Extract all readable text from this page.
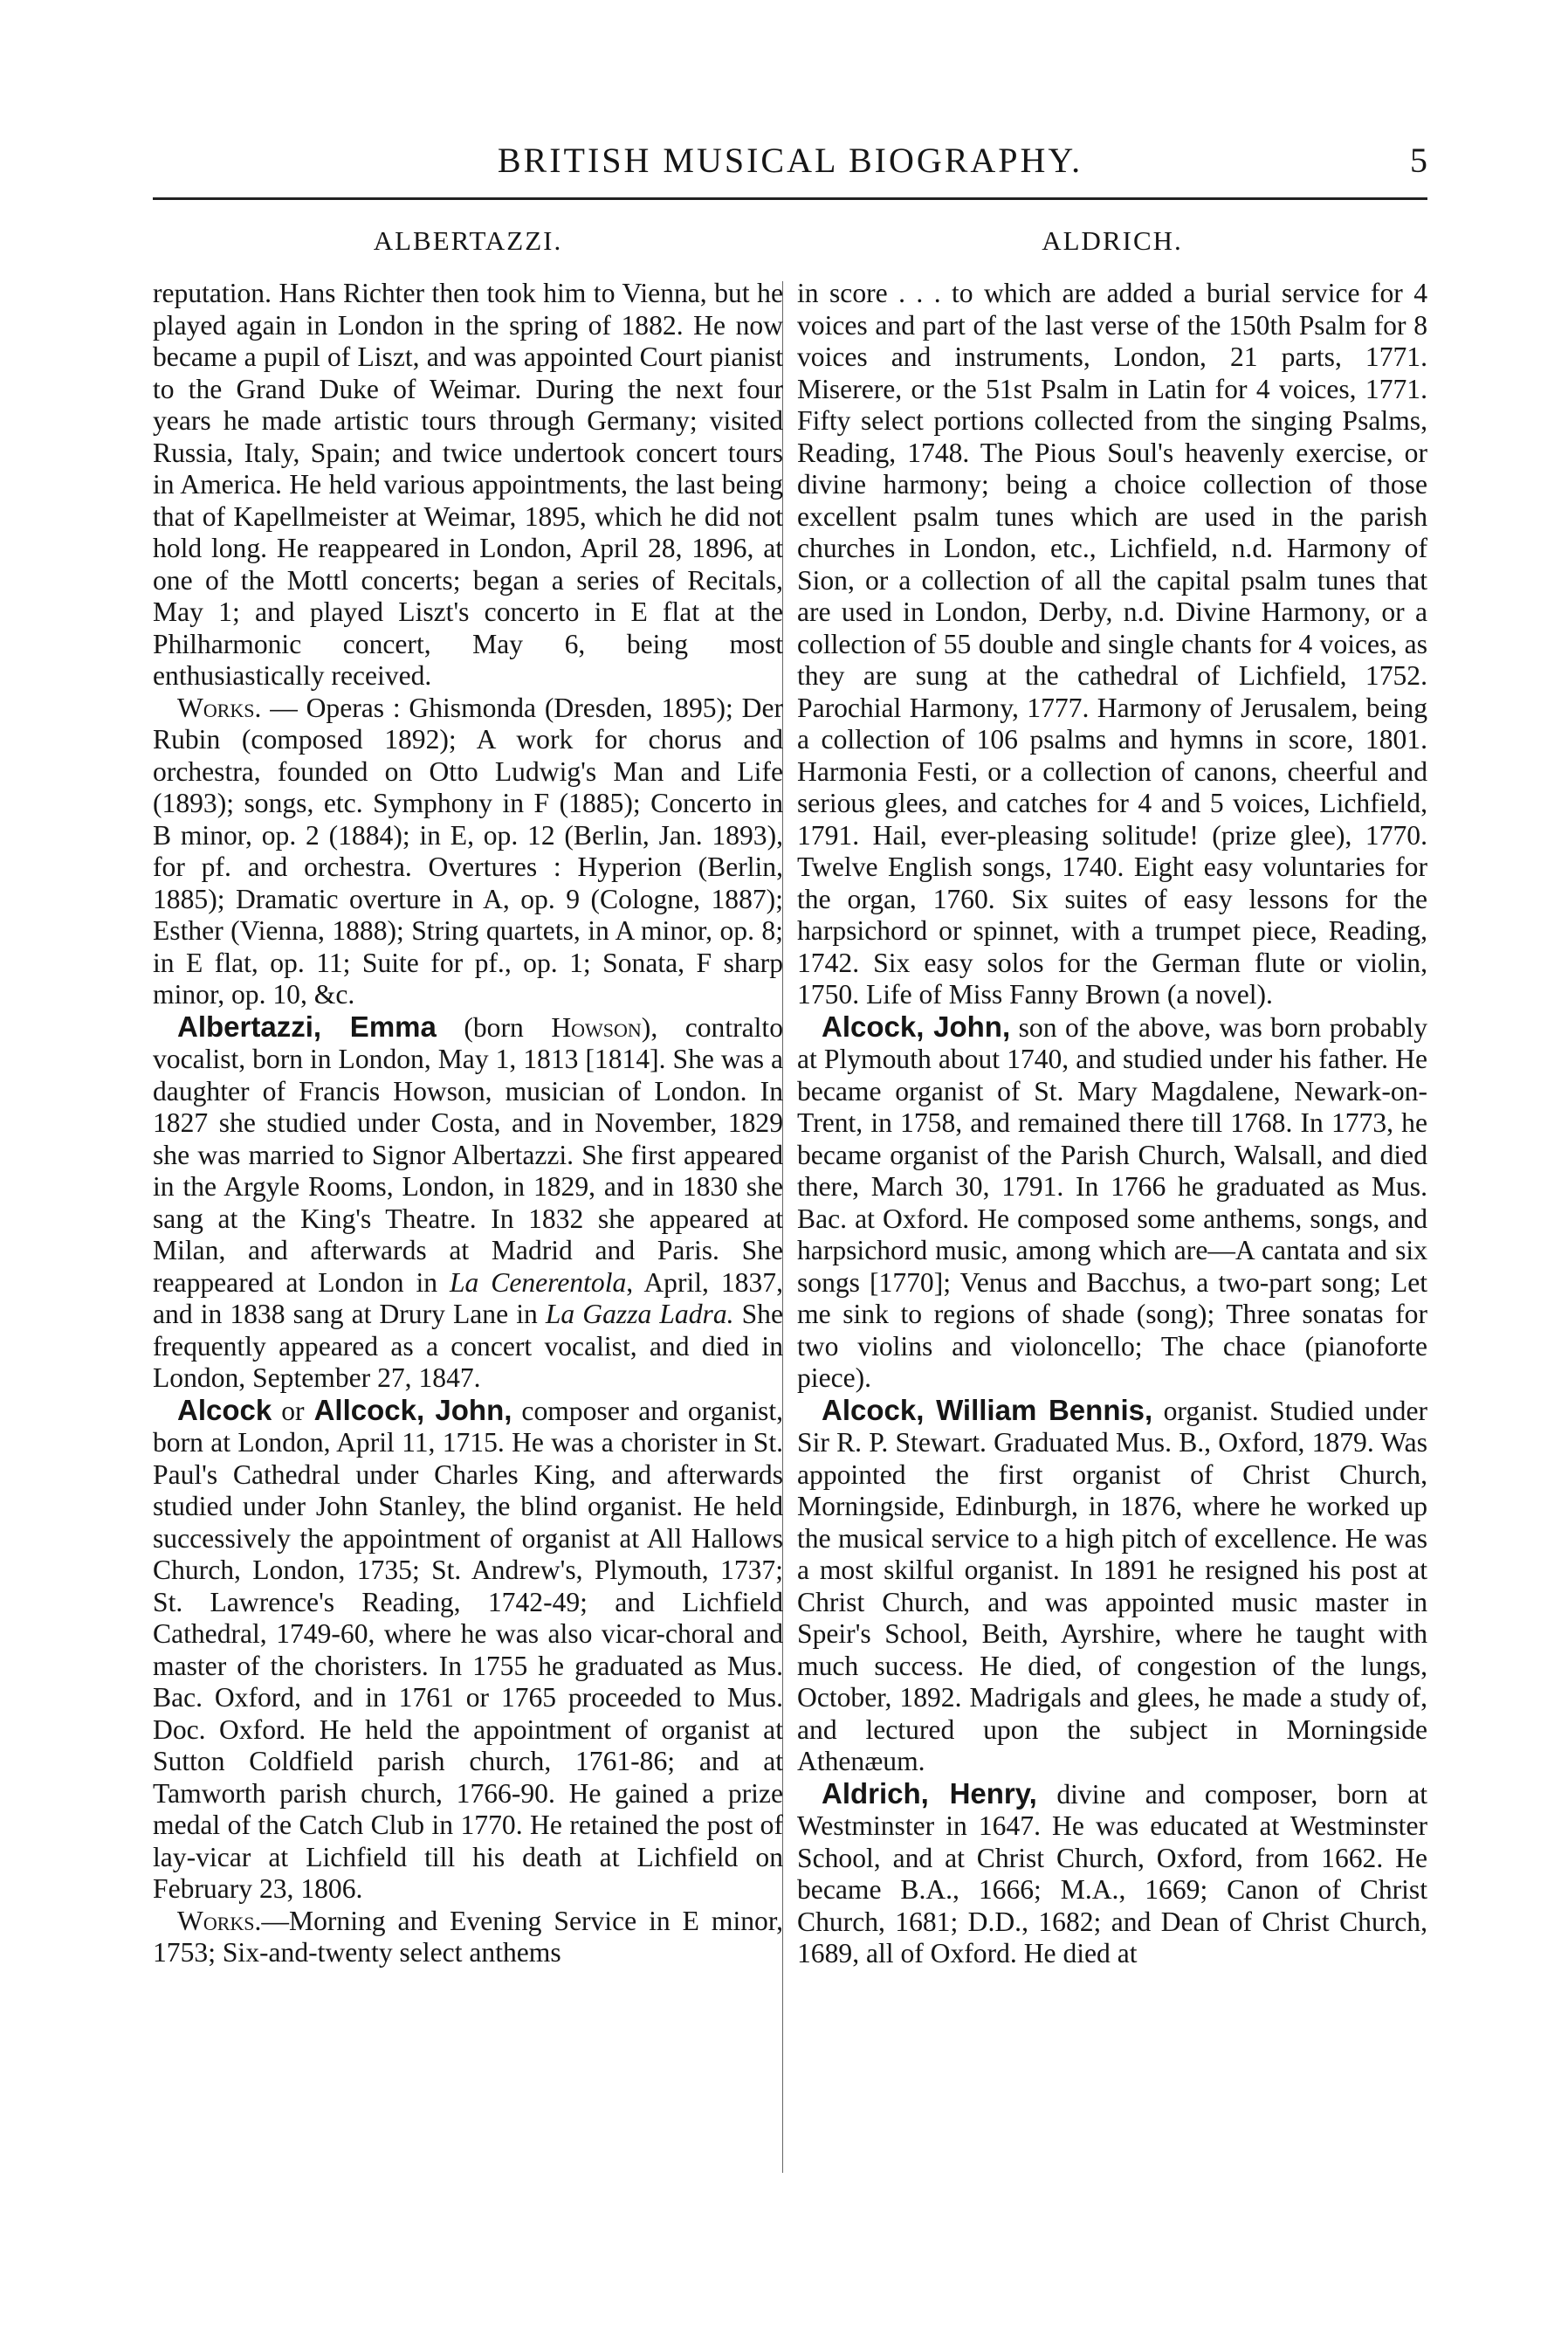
BRITISH MUSICAL BIOGRAPHY.	5
ALBERTAZZI.

reputation. Hans Richter then took him to Vienna, but he played again in London in the spring of 1882. He now became a pupil of Liszt, and was appointed Court pianist to the Grand Duke of Weimar. During the next four years he made artistic tours through Germany; visited Russia, Italy, Spain; and twice undertook concert tours in America. He held various appointments, the last being that of Kapellmeister at Weimar, 1895, which he did not hold long. He reappeared in London, April 28, 1896, at one of the Mottl concerts; began a series of Recitals, May 1; and played Liszt's concerto in E flat at the Philharmonic concert, May 6, being most enthusiastically received.

Works. — Operas : Ghismonda (Dresden, 1895); Der Rubin (composed 1892); A work for chorus and orchestra, founded on Otto Ludwig's Man and Life (1893); songs, etc. Symphony in F (1885); Concerto in B minor, op. 2 (1884); in E, op. 12 (Berlin, Jan. 1893), for pf. and orchestra. Overtures : Hyperion (Berlin, 1885); Dramatic overture in A, op. 9 (Cologne, 1887); Esther (Vienna, 1888); String quartets, in A minor, op. 8; in E flat, op. 11; Suite for pf., op. 1; Sonata, F sharp minor, op. 10, &c.

Albertazzi, Emma (born Howson), contralto vocalist, born in London, May 1, 1813 [1814]. She was a daughter of Francis Howson, musician of London. In 1827 she studied under Costa, and in November, 1829 she was married to Signor Albertazzi. She first appeared in the Argyle Rooms, London, in 1829, and in 1830 she sang at the King's Theatre. In 1832 she appeared at Milan, and afterwards at Madrid and Paris. She reappeared at London in La Cenerentola, April, 1837, and in 1838 sang at Drury Lane in La Gazza Ladra. She frequently appeared as a concert vocalist, and died in London, September 27, 1847.

Alcock or Allcock, John, composer and organist, born at London, April 11, 1715. He was a chorister in St. Paul's Cathedral under Charles King, and afterwards studied under John Stanley, the blind organist. He held successively the appointment of organist at All Hallows Church, London, 1735; St. Andrew's, Plymouth, 1737; St. Lawrence's Reading, 1742-49; and Lichfield Cathedral, 1749-60, where he was also vicar-choral and master of the choristers. In 1755 he graduated as Mus. Bac. Oxford, and in 1761 or 1765 proceeded to Mus. Doc. Oxford. He held the appointment of organist at Sutton Coldfield parish church, 1761-86; and at Tamworth parish church, 1766-90. He gained a prize medal of the Catch Club in 1770. He retained the post of lay-vicar at Lichfield till his death at Lichfield on February 23, 1806.

Works.—Morning and Evening Service in E minor, 1753; Six-and-twenty select anthems

ALDRICH.

in score . . . to which are added a burial service for 4 voices and part of the last verse of the 150th Psalm for 8 voices and instruments, London, 21 parts, 1771. Miserere, or the 51st Psalm in Latin for 4 voices, 1771. Fifty select portions collected from the singing Psalms, Reading, 1748. The Pious Soul's heavenly exercise, or divine harmony; being a choice collection of those excellent psalm tunes which are used in the parish churches in London, etc., Lichfield, n.d. Harmony of Sion, or a collection of all the capital psalm tunes that are used in London, Derby, n.d. Divine Harmony, or a collection of 55 double and single chants for 4 voices, as they are sung at the cathedral of Lichfield, 1752. Parochial Harmony, 1777. Harmony of Jerusalem, being a collection of 106 psalms and hymns in score, 1801. Harmonia Festi, or a collection of canons, cheerful and serious glees, and catches for 4 and 5 voices, Lichfield, 1791. Hail, ever-pleasing solitude! (prize glee), 1770. Twelve English songs, 1740. Eight easy voluntaries for the organ, 1760. Six suites of easy lessons for the harpsichord or spinnet, with a trumpet piece, Reading, 1742. Six easy solos for the German flute or violin, 1750. Life of Miss Fanny Brown (a novel).

Alcock, John, son of the above, was born probably at Plymouth about 1740, and studied under his father. He became organist of St. Mary Magdalene, Newark-on-Trent, in 1758, and remained there till 1768. In 1773, he became organist of the Parish Church, Walsall, and died there, March 30, 1791. In 1766 he graduated as Mus. Bac. at Oxford. He composed some anthems, songs, and harpsichord music, among which are—A cantata and six songs [1770]; Venus and Bacchus, a two-part song; Let me sink to regions of shade (song); Three sonatas for two violins and violoncello; The chace (pianoforte piece).

Alcock, William Bennis, organist. Studied under Sir R. P. Stewart. Graduated Mus. B., Oxford, 1879. Was appointed the first organist of Christ Church, Morningside, Edinburgh, in 1876, where he worked up the musical service to a high pitch of excellence. He was a most skilful organist. In 1891 he resigned his post at Christ Church, and was appointed music master in Speir's School, Beith, Ayrshire, where he taught with much success. He died, of congestion of the lungs, October, 1892. Madrigals and glees, he made a study of, and lectured upon the subject in Morningside Athenæum.

Aldrich, Henry, divine and composer, born at Westminster in 1647. He was educated at Westminster School, and at Christ Church, Oxford, from 1662. He became B.A., 1666; M.A., 1669; Canon of Christ Church, 1681; D.D., 1682; and Dean of Christ Church, 1689, all of Oxford. He died at
